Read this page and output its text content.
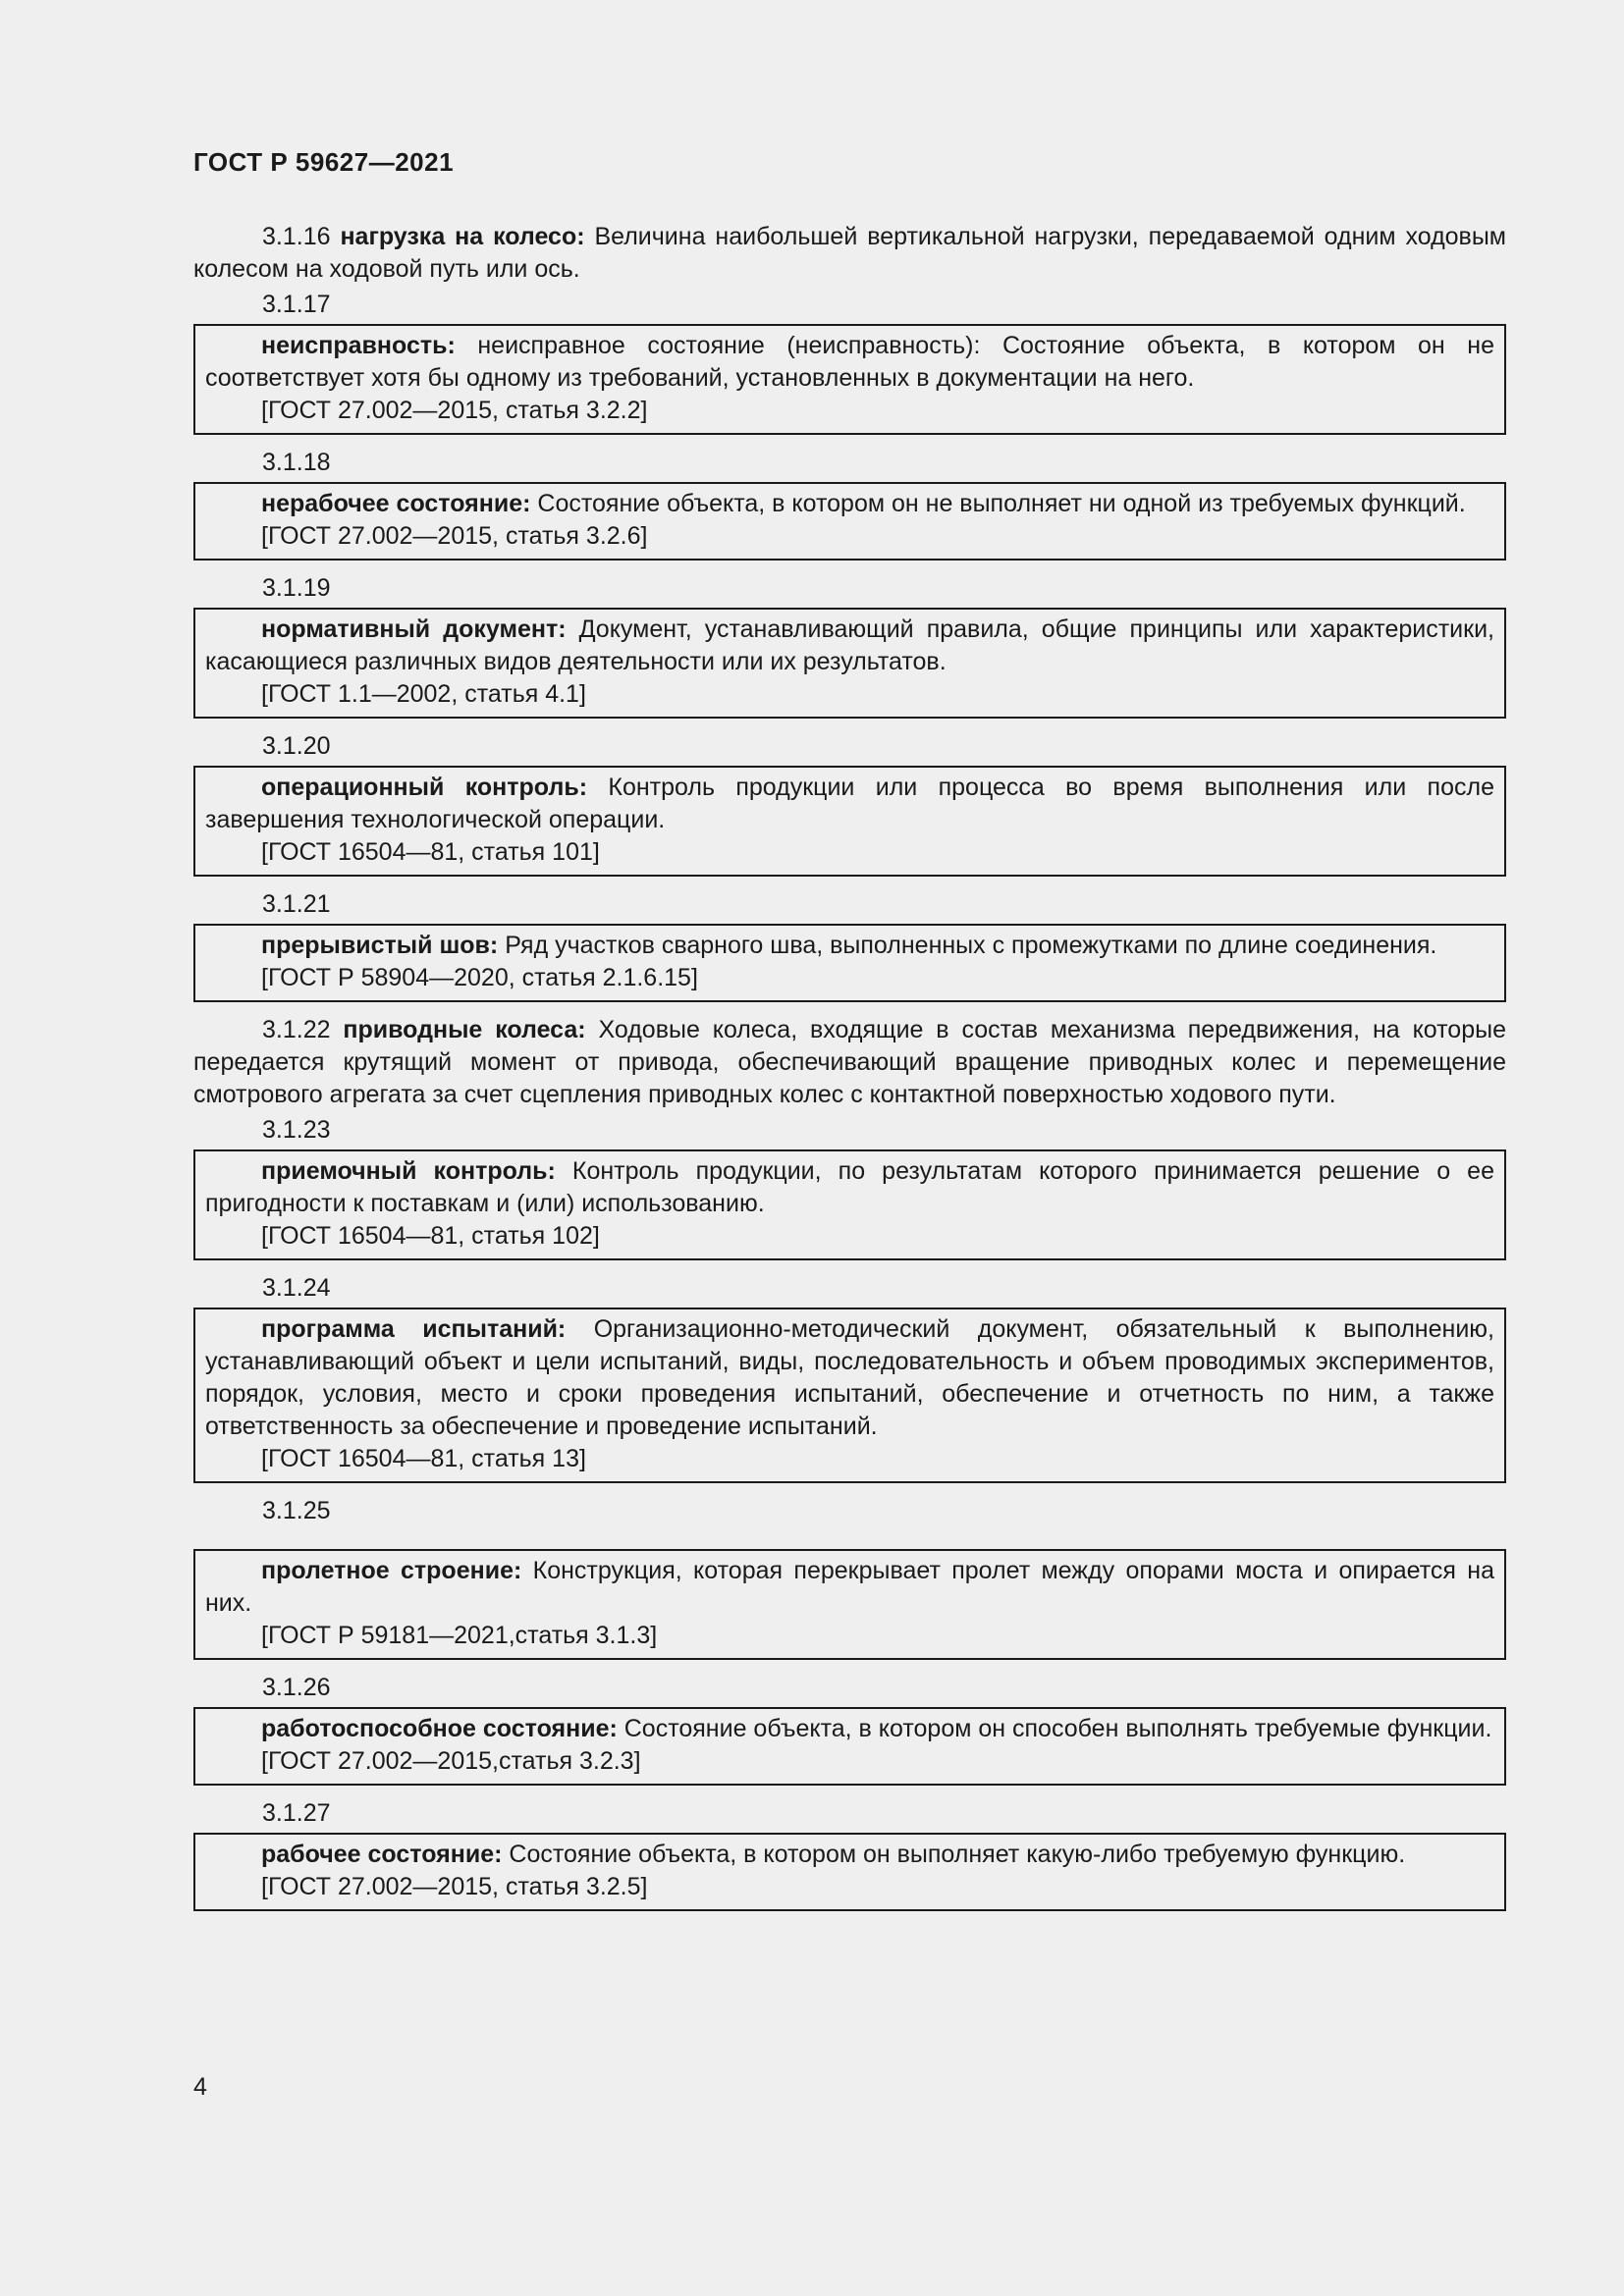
ГОСТ Р 59627—2021

3.1.16 нагрузка на колесо: Величина наибольшей вертикальной нагрузки, передаваемой одним ходовым колесом на ходовой путь или ось.

3.1.17

неисправность: неисправное состояние (неисправность): Состояние объекта, в котором он не соответствует хотя бы одному из требований, установленных в документации на него.

[ГОСТ 27.002—2015, статья 3.2.2]

3.1.18

нерабочее состояние: Состояние объекта, в котором он не выполняет ни одной из требуемых функций.

[ГОСТ 27.002—2015, статья 3.2.6]

3.1.19

нормативный документ: Документ, устанавливающий правила, общие принципы или характеристики, касающиеся различных видов деятельности или их результатов.

[ГОСТ 1.1—2002, статья 4.1]

3.1.20

операционный контроль: Контроль продукции или процесса во время выполнения или после завершения технологической операции.

[ГОСТ 16504—81, статья 101]

3.1.21

прерывистый шов: Ряд участков сварного шва, выполненных с промежутками по длине соединения.

[ГОСТ Р 58904—2020, статья 2.1.6.15]

3.1.22 приводные колеса: Ходовые колеса, входящие в состав механизма передвижения, на которые передается крутящий момент от привода, обеспечивающий вращение приводных колес и перемещение смотрового агрегата за счет сцепления приводных колес с контактной поверхностью ходового пути.

3.1.23

приемочный контроль: Контроль продукции, по результатам которого принимается решение о ее пригодности к поставкам и (или) использованию.

[ГОСТ 16504—81, статья 102]

3.1.24

программа испытаний: Организационно-методический документ, обязательный к выполнению, устанавливающий объект и цели испытаний, виды, последовательность и объем проводимых экспериментов, порядок, условия, место и сроки проведения испытаний, обеспечение и отчетность по ним, а также ответственность за обеспечение и проведение испытаний.

[ГОСТ 16504—81, статья 13]

3.1.25

пролетное строение: Конструкция, которая перекрывает пролет между опорами моста и опирается на них.

[ГОСТ Р 59181—2021,статья 3.1.3]

3.1.26

работоспособное состояние: Состояние объекта, в котором он способен выполнять требуемые функции.

[ГОСТ 27.002—2015,статья 3.2.3]

3.1.27

рабочее состояние: Состояние объекта, в котором он выполняет какую-либо требуемую функцию.

[ГОСТ 27.002—2015, статья 3.2.5]

4
